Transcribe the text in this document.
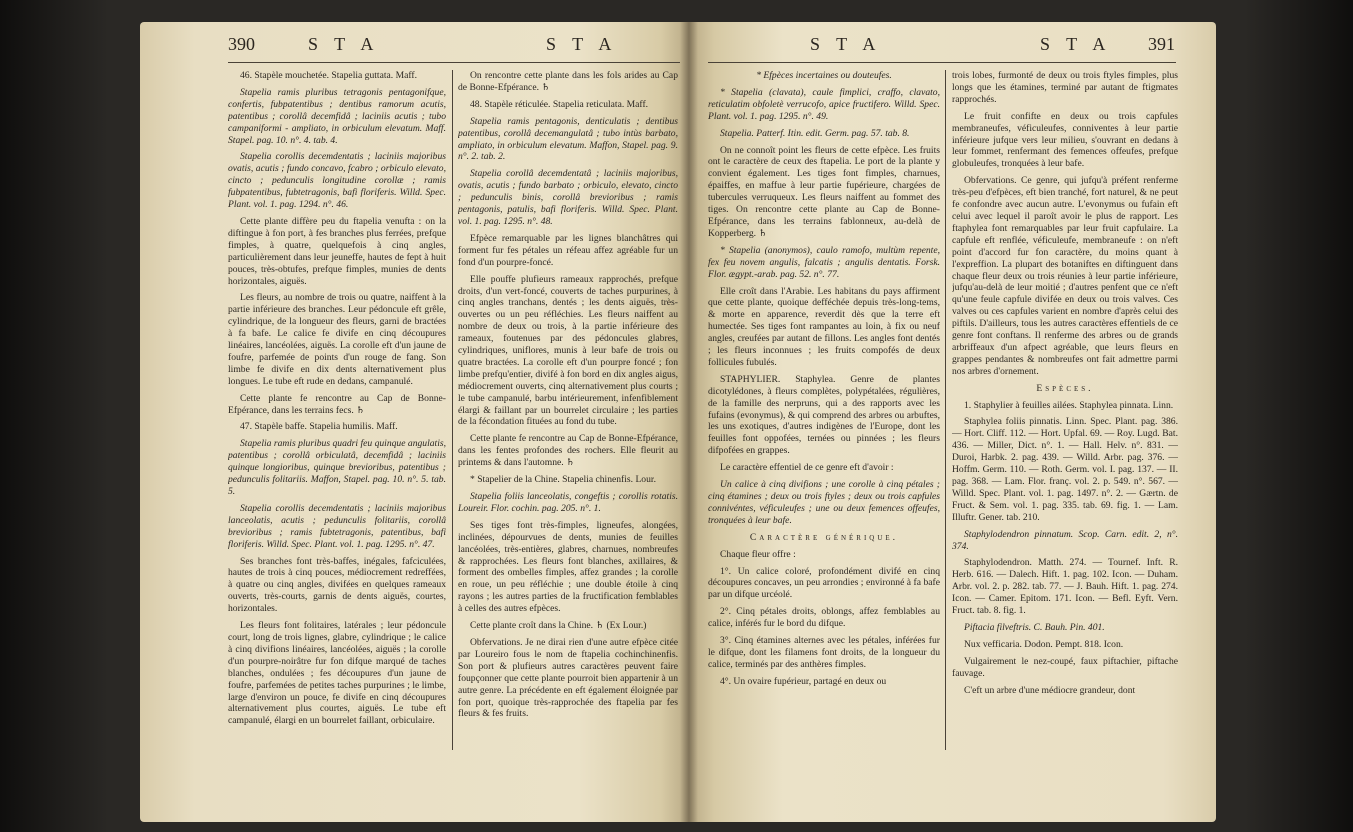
390	S T A	S T A	S T A	S T A 391

46. Stapèle mouchetée. Stapelia guttata. Maff.

Stapelia ramis pluribus tetragonis pentagonifque, confertis, fubpatentibus ; dentibus ramorum acutis, patentibus ; corollâ decemfidâ ; laciniis acutis ; tubo campaniformi - ampliato, in orbiculum elevatum. Maff. Stapel. pag. 10. n°. 4. tab. 4.

Stapelia corollis decemdentatis ; laciniis majoribus ovatis, acutis ; fundo concavo, fcabro ; orbiculo elevato, cincto ; pedunculis longitudine corollæ ; ramis fubpatentibus, fubtetragonis, bafi floriferis. Willd. Spec. Plant. vol. 1. pag. 1294. n°. 46.

Cette plante diffère peu du ftapelia venufta : on la diftingue à fon port, à fes branches plus ferrées, prefque fimples, à quatre, quelquefois à cinq angles, particulièrement dans leur jeuneffe, hautes de fept à huit pouces, très-obtufes, prefque fimples, munies de dents horizontales, aiguës.

Les fleurs, au nombre de trois ou quatre, naiffent à la partie inférieure des branches. Leur pédoncule eft grêle, cylindrique, de la longueur des fleurs, garni de bractées à fa bafe. Le calice fe divife en cinq découpures linéaires, lancéolées, aiguës. La corolle eft d'un jaune de foufre, parfemée de points d'un rouge de fang. Son limbe fe divife en dix dents alternativement plus longues. Le tube eft rude en dedans, campanulé.

Cette plante fe rencontre au Cap de Bonne-Efpérance, dans les terrains fecs. ♄

47. Stapèle baffe. Stapelia humilis. Maff.

Stapelia ramis pluribus quadri feu quinque angulatis, patentibus ; corollâ orbiculatâ, decemfidâ ; laciniis quinque longioribus, quinque brevioribus, patentibus ; pedunculis folitariis. Maffon, Stapel. pag. 10. n°. 5. tab. 5.

Stapelia corollis decemdentatis ; laciniis majoribus lanceolatis, acutis ; pedunculis folitariis, corollâ brevioribus ; ramis fubtetragonis, patentibus, bafi floriferis. Willd. Spec. Plant. vol. 1. pag. 1295. n°. 47.

Ses branches font très-baffes, inégales, fafciculées, hautes de trois à cinq pouces, médiocrement redreffées, à quatre ou cinq angles, divifées en quelques rameaux ouverts, très-courts, garnis de dents aiguës, courtes, horizontales.

Les fleurs font folitaires, latérales ; leur pédoncule court, long de trois lignes, glabre, cylindrique ; le calice à cinq divifions linéaires, lancéolées, aiguës ; la corolle d'un pourpre-noirâtre fur fon difque marqué de taches blanches, ondulées ; fes découpures d'un jaune de foufre, parfemées de petites taches purpurines ; le limbe, large d'environ un pouce, fe divife en cinq découpures alternativement plus courtes, aiguës. Le tube eft campanulé, élargi en un bourrelet faillant, orbiculaire.

On rencontre cette plante dans les fols arides au Cap de Bonne-Efpérance. ♄

48. Stapèle réticulée. Stapelia reticulata. Maff.

Stapelia ramis pentagonis, denticulatis ; dentibus patentibus, corollâ decemangulatâ ; tubo intùs barbato, ampliato, in orbiculum elevatum. Maffon, Stapel. pag. 9. n°. 2. tab. 2.

Stapelia corollâ decemdentatâ ; laciniis majoribus, ovatis, acutis ; fundo barbato ; orbiculo, elevato, cincto ; pedunculis binis, corollâ brevioribus ; ramis pentagonis, patulis, bafi floriferis. Willd. Spec. Plant. vol. 1. pag. 1295. n°. 48.

Efpèce remarquable par les lignes blanchâtres qui forment fur fes pétales un réfeau affez agréable fur un fond d'un pourpre-foncé.

Elle pouffe plufieurs rameaux rapprochés, prefque droits, d'un vert-foncé, couverts de taches purpurines, à cinq angles tranchans, dentés ; les dents aiguës, très-ouvertes ou un peu réfléchies. Les fleurs naiffent au nombre de deux ou trois, à la partie inférieure des rameaux, foutenues par des pédoncules glabres, cylindriques, uniflores, munis à leur bafe de trois ou quatre bractées. La corolle eft d'un pourpre foncé ; fon limbe prefqu'entier, divifé à fon bord en dix angles aigus, médiocrement ouverts, cinq alternativement plus courts ; le tube campanulé, barbu intérieurement, infenfiblement élargi & faillant par un bourrelet circulaire ; les parties de la fécondation fituées au fond du tube.

Cette plante fe rencontre au Cap de Bonne-Efpérance, dans les fentes profondes des rochers. Elle fleurit au printems & dans l'automne. ♄

* Stapelier de la Chine. Stapelia chinenfis. Lour.

Stapelia foliis lanceolatis, congeftis ; corollis rotatis. Loureir. Flor. cochin. pag. 205. n°. 1.

Ses tiges font très-fimples, ligneufes, alongées, inclinées, dépourvues de dents, munies de feuilles lancéolées, très-entières, glabres, charnues, nombreufes & rapprochées. Les fleurs font blanches, axillaires, & forment des ombelles fimples, affez grandes ; la corolle en roue, un peu réfléchie ; une double étoile à cinq rayons ; les autres parties de la fructification femblables à celles des autres efpèces.

Cette plante croît dans la Chine. ♄ (Ex Lour.)

Obfervations. Je ne dirai rien d'une autre efpèce citée par Loureiro fous le nom de ftapelia cochinchinenfis. Son port & plufieurs autres caractères peuvent faire foupçonner que cette plante pourroit bien appartenir à un autre genre. La précédente en eft également éloignée par fon port, quoique très-rapprochée des ftapelia par fes fleurs & fes fruits.

* Efpèces incertaines ou douteufes.

* Stapelia (clavata), caule fimplici, craffo, clavato, reticulatim obfoletè verrucofo, apice fructifero. Willd. Spec. Plant. vol. 1. pag. 1295. n°. 49.

Stapelia. Patterf. Itin. edit. Germ. pag. 57. tab. 8.

On ne connoît point les fleurs de cette efpèce. Les fruits ont le caractère de ceux des ftapelia. Le port de la plante y convient également. Les tiges font fimples, charnues, épaiffes, en maffue à leur partie fupérieure, chargées de tubercules verruqueux. Les fleurs naiffent au fommet des tiges. On rencontre cette plante au Cap de Bonne-Efpérance, dans les terrains fablonneux, au-delà de Kopperberg. ♄

* Stapelia (anonymos), caulo ramofo, multùm repente, fex feu novem angulis, falcatis ; angulis dentatis. Forsk. Flor. ægypt.-arab. pag. 52. n°. 77.

Elle croît dans l'Arabie. Les habitans du pays affirment que cette plante, quoique defféchée depuis très-long-tems, & morte en apparence, reverdit dès que la terre eft humectée. Ses tiges font rampantes au loin, à fix ou neuf angles, creufées par autant de fillons. Les angles font dentés ; les fleurs inconnues ; les fruits compofés de deux follicules fubulés.

STAPHYLIER. Staphylea. Genre de plantes dicotylédones, à fleurs complètes, polypétalées, régulières, de la famille des nerpruns, qui a des rapports avec les fufains (evonymus), & qui comprend des arbres ou arbuftes, les uns exotiques, d'autres indigènes de l'Europe, dont les feuilles font oppofées, ternées ou pinnées ; les fleurs difpofées en grappes.

Le caractère effentiel de ce genre eft d'avoir :

Un calice à cinq divifions ; une corolle à cinq pétales ; cinq étamines ; deux ou trois ftyles ; deux ou trois capfules connivéntes, véficuleufes ; une ou deux femences offeufes, tronquées à leur bafe.

Caractère générique.

Chaque fleur offre :

1°. Un calice coloré, profondément divifé en cinq découpures concaves, un peu arrondies ; environné à fa bafe par un difque urcéolé.

2°. Cinq pétales droits, oblongs, affez femblables au calice, inférés fur le bord du difque.

3°. Cinq étamines alternes avec les pétales, inférées fur le difque, dont les filamens font droits, de la longueur du calice, terminés par des anthères fimples.

4°. Un ovaire fupérieur, partagé en deux ou

trois lobes, furmonté de deux ou trois ftyles fimples, plus longs que les étamines, terminé par autant de ftigmates rapprochés.

Le fruit confifte en deux ou trois capfules membraneufes, véficuleufes, conniventes à leur partie inférieure jufque vers leur milieu, s'ouvrant en dedans à leur fommet, renfermant des femences offeufes, prefque globuleufes, tronquées à leur bafe.

Obfervations. Ce genre, qui jufqu'à préfent renferme très-peu d'efpèces, eft bien tranché, fort naturel, & ne peut fe confondre avec aucun autre. L'evonymus ou fufain eft celui avec lequel il paroît avoir le plus de rapport. Les ftaphylea font remarquables par leur fruit capfulaire. La capfule eft renflée, véficuleufe, membraneufe : on n'eft point d'accord fur fon caractère, du moins quant à l'expreffion. La plupart des botaniftes en diftinguent dans chaque fleur deux ou trois réunies à leur partie inférieure, jufqu'au-delà de leur moitié ; d'autres penfent que ce n'eft qu'une feule capfule divifée en deux ou trois valves. Ces valves ou ces capfules varient en nombre d'après celui des piftils. D'ailleurs, tous les autres caractères effentiels de ce genre font conftans. Il renferme des arbres ou de grands arbriffeaux d'un afpect agréable, que leurs fleurs en grappes pendantes & nombreufes ont fait admettre parmi nos arbres d'ornement.

Espèces.

1. Staphylier à feuilles ailées. Staphylea pinnata. Linn.

Staphylea foliis pinnatis. Linn. Spec. Plant. pag. 386. — Hort. Cliff. 112. — Hort. Upfal. 69. — Roy. Lugd. Bat. 436. — Miller, Dict. n°. 1. — Hall. Helv. n°. 831. — Duroi, Harbk. 2. pag. 439. — Willd. Arbr. pag. 376. — Hoffm. Germ. 110. — Roth. Germ. vol. I. pag. 137. — II. pag. 368. — Lam. Flor. franç. vol. 2. p. 549. n°. 567. — Willd. Spec. Plant. vol. 1. pag. 1497. n°. 2. — Gærtn. de Fruct. & Sem. vol. 1. pag. 335. tab. 69. fig. 1. — Lam. Illuftr. Gener. tab. 210.

Staphylodendron pinnatum. Scop. Carn. edit. 2, n°. 374.

Staphylodendron. Matth. 274. — Tournef. Inft. R. Herb. 616. — Dalech. Hift. 1. pag. 102. Icon. — Duham. Arbr. vol. 2. p. 282. tab. 77. — J. Bauh. Hift. 1. pag. 274. Icon. — Camer. Epitom. 171. Icon. — Befl. Eyft. Vern. Fruct. tab. 8. fig. 1.

Piftacia filveftris. C. Bauh. Pin. 401.

Nux vefficaria. Dodon. Pempt. 818. Icon.

Vulgairement le nez-coupé, faux piftachier, piftache fauvage.

C'eft un arbre d'une médiocre grandeur, dont
